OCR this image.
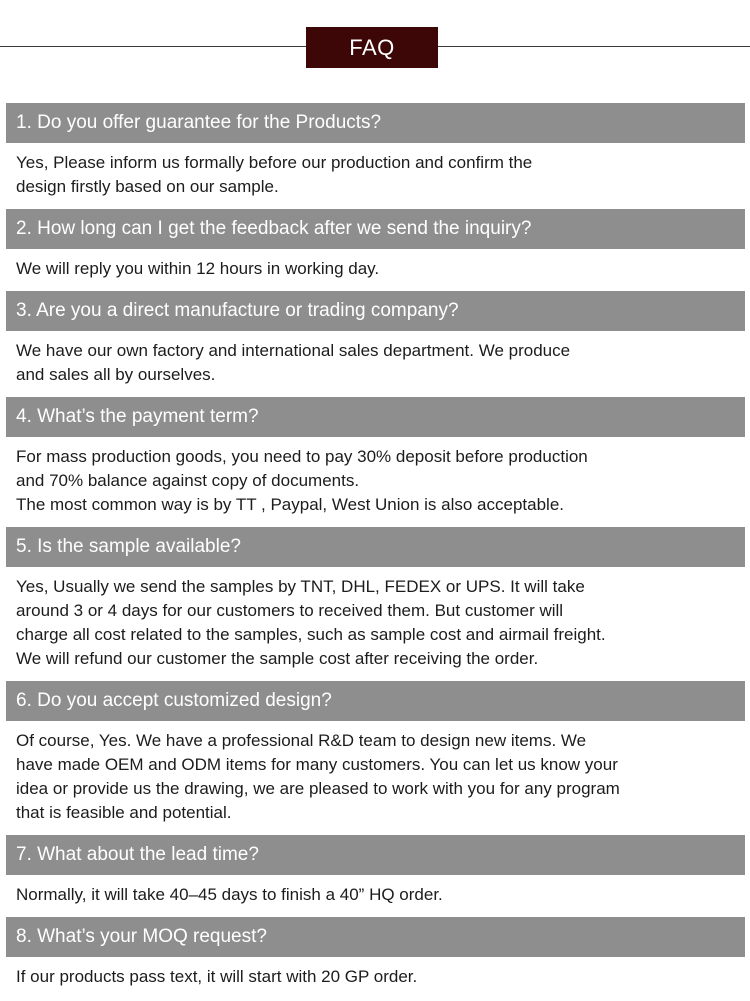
FAQ
1. Do you offer guarantee for the Products?
Yes, Please inform us formally before our production and confirm the
design firstly based on our sample.
2. How long can I get the feedback after we send the inquiry?
We will reply you within 12 hours in working day.
3. Are you a direct manufacture or trading company?
We have our own factory and international sales department. We produce
and sales all by ourselves.
4. What’s the payment term?
For mass production goods, you need to pay 30% deposit before production
and 70% balance against copy of documents.
The most common way is by TT , Paypal, West Union is also acceptable.
5. Is the sample available?
Yes, Usually we send the samples by TNT, DHL, FEDEX or UPS. It will take
around 3 or 4 days for our customers to received them. But customer will
charge all cost related to the samples, such as sample cost and airmail freight.
We will refund our customer the sample cost after receiving the order.
6. Do you accept customized design?
Of course, Yes. We have a professional R&D team to design new items. We
have made OEM and ODM items for many customers. You can let us know your
idea or provide us the drawing, we are pleased to work with you for any program
that is feasible and potential.
7. What about the lead time?
Normally, it will take 40–45 days to finish a 40” HQ order.
8. What’s your MOQ request?
If our products pass text, it will start with 20 GP order.
